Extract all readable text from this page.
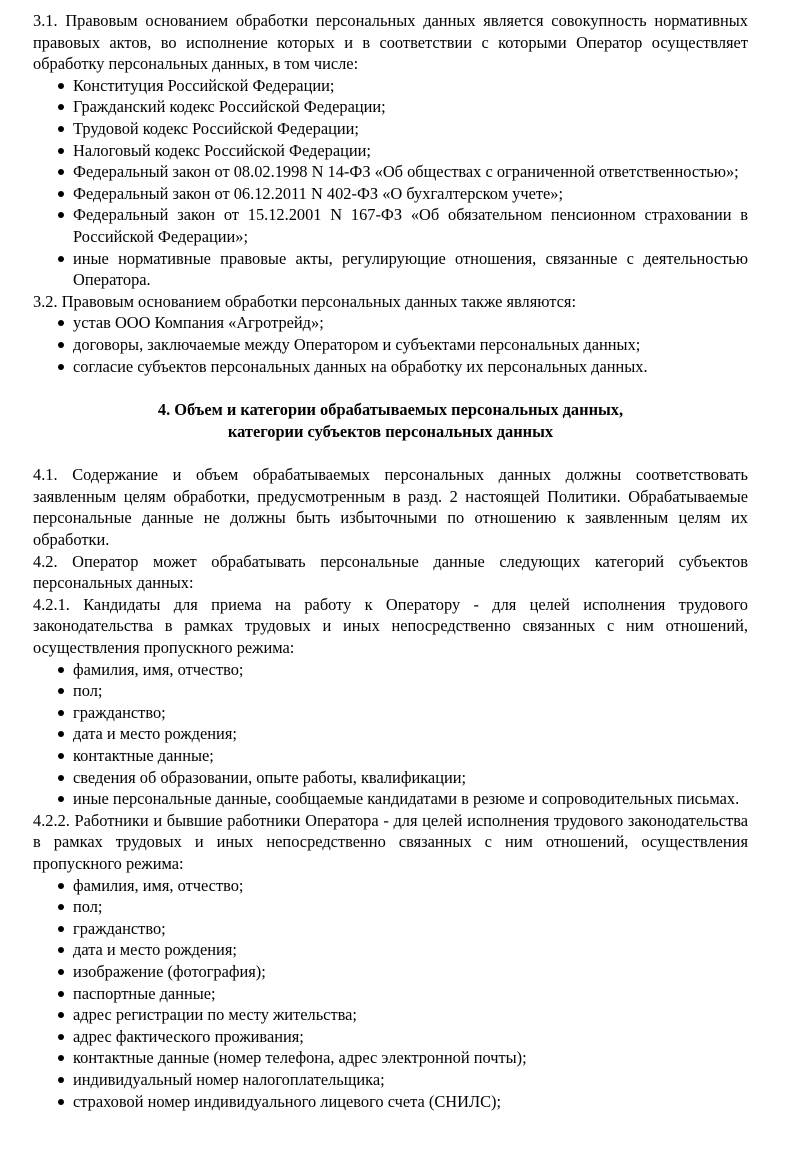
3.1. Правовым основанием обработки персональных данных является совокупность нормативных правовых актов, во исполнение которых и в соответствии с которыми Оператор осуществляет обработку персональных данных, в том числе:

Конституция Российской Федерации;
Гражданский кодекс Российской Федерации;
Трудовой кодекс Российской Федерации;
Налоговый кодекс Российской Федерации;
Федеральный закон от 08.02.1998 N 14-ФЗ «Об обществах с ограниченной ответственностью»;
Федеральный закон от 06.12.2011 N 402-ФЗ «О бухгалтерском учете»;
Федеральный закон от 15.12.2001 N 167-ФЗ «Об обязательном пенсионном страховании в Российской Федерации»;
иные нормативные правовые акты, регулирующие отношения, связанные с деятельностью Оператора.

3.2. Правовым основанием обработки персональных данных также являются:

устав ООО Компания «Агротрейд»;
договоры, заключаемые между Оператором и субъектами персональных данных;
согласие субъектов персональных данных на обработку их персональных данных.
4. Объем и категории обрабатываемых персональных данных,
категории субъектов персональных данных

4.1. Содержание и объем обрабатываемых персональных данных должны соответствовать заявленным целям обработки, предусмотренным в разд. 2 настоящей Политики. Обрабатываемые персональные данные не должны быть избыточными по отношению к заявленным целям их обработки.

4.2. Оператор может обрабатывать персональные данные следующих категорий субъектов персональных данных:

4.2.1. Кандидаты для приема на работу к Оператору - для целей исполнения трудового законодательства в рамках трудовых и иных непосредственно связанных с ним отношений, осуществления пропускного режима:

фамилия, имя, отчество;
пол;
гражданство;
дата и место рождения;
контактные данные;
сведения об образовании, опыте работы, квалификации;
иные персональные данные, сообщаемые кандидатами в резюме и сопроводительных письмах.

4.2.2. Работники и бывшие работники Оператора - для целей исполнения трудового законодательства в рамках трудовых и иных непосредственно связанных с ним отношений, осуществления пропускного режима:

фамилия, имя, отчество;
пол;
гражданство;
дата и место рождения;
изображение (фотография);
паспортные данные;
адрес регистрации по месту жительства;
адрес фактического проживания;
контактные данные (номер телефона, адрес электронной почты);
индивидуальный номер налогоплательщика;
страховой номер индивидуального лицевого счета (СНИЛС);
